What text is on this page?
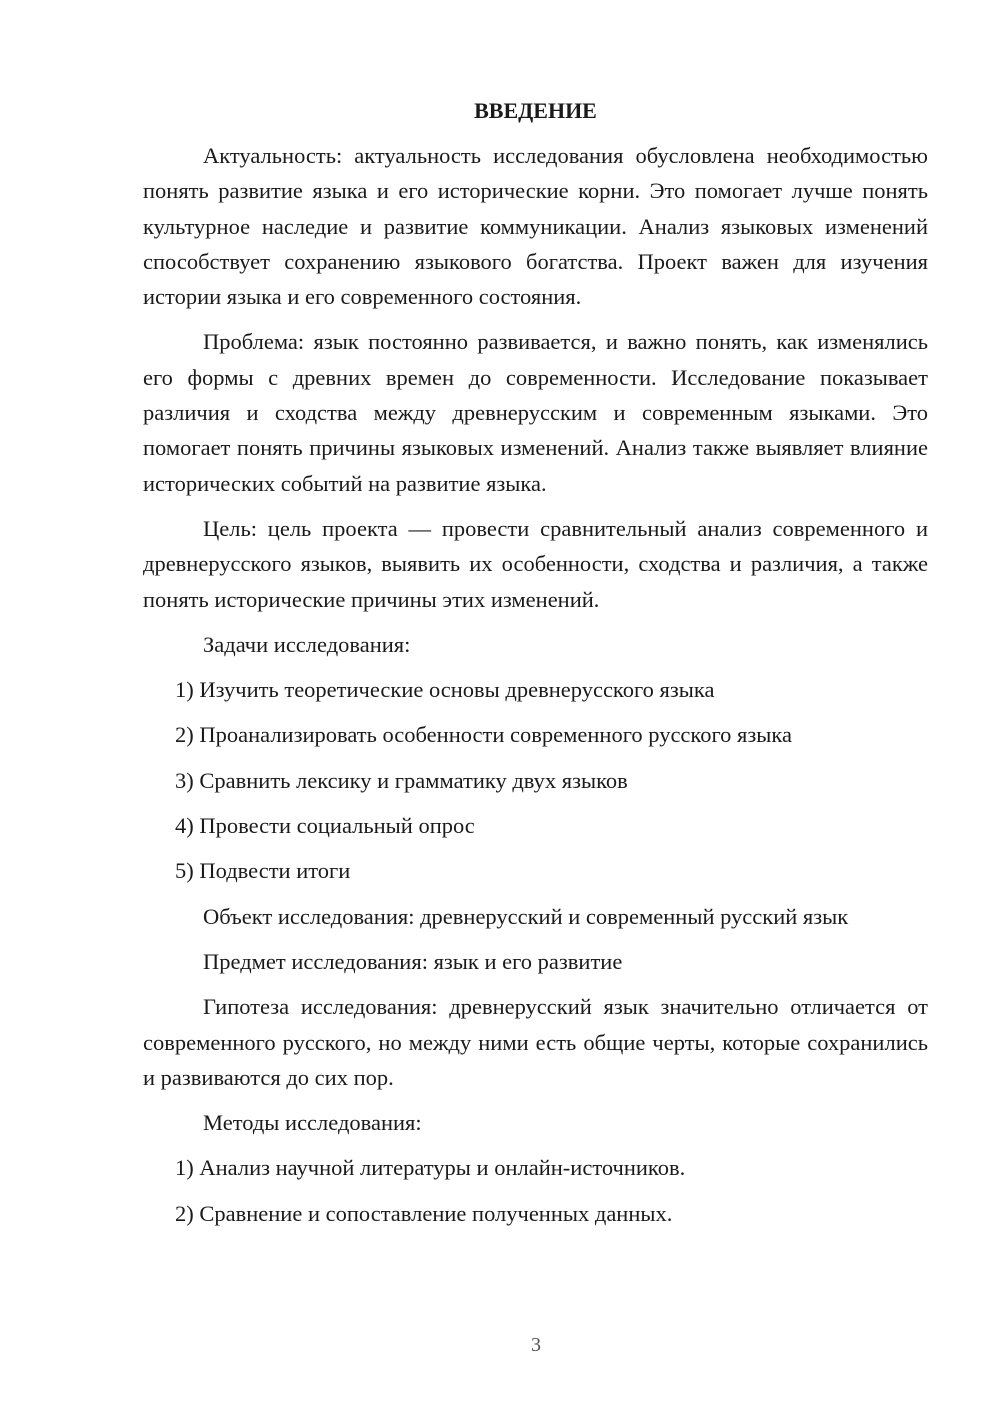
ВВЕДЕНИЕ

Актуальность: актуальность исследования обусловлена необходимостью понять развитие языка и его исторические корни. Это помогает лучше понять культурное наследие и развитие коммуникации. Анализ языковых изменений способствует сохранению языкового богатства. Проект важен для изучения истории языка и его современного состояния.

Проблема: язык постоянно развивается, и важно понять, как изменялись его формы с древних времен до современности. Исследование показывает различия и сходства между древнерусским и современным языками. Это помогает понять причины языковых изменений. Анализ также выявляет влияние исторических событий на развитие языка.

Цель: цель проекта — провести сравнительный анализ современного и древнерусского языков, выявить их особенности, сходства и различия, а также понять исторические причины этих изменений.

Задачи исследования:
1) Изучить теоретические основы древнерусского языка
2) Проанализировать особенности современного русского языка
3) Сравнить лексику и грамматику двух языков
4) Провести социальный опрос
5) Подвести итоги
Объект исследования: древнерусский и современный русский язык
Предмет исследования: язык и его развитие

Гипотеза исследования: древнерусский язык значительно отличается от современного русского, но между ними есть общие черты, которые сохранились и развиваются до сих пор.

Методы исследования:
1) Анализ научной литературы и онлайн-источников.
2) Сравнение и сопоставление полученных данных.
3
